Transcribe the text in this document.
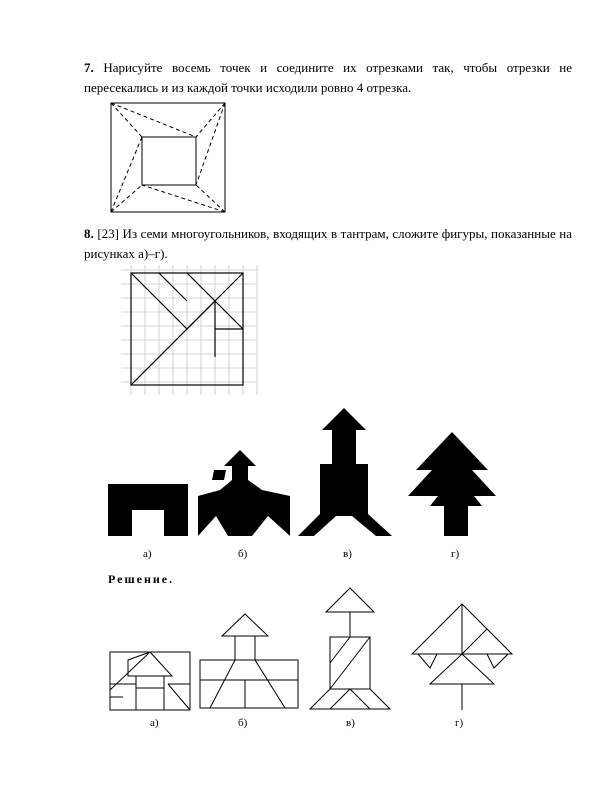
7. Нарисуйте восемь точек и соедините их отрезками так, чтобы отрезки не пересекались и из каждой точки исходили ровно 4 отрезка.
8. [23] Из семи многоугольников, входящих в тантрам, сложите фигуры, показанные на рисунках а)–г).
а)	б)	в)	г)
Решение.
а)	б)	в)	г)
